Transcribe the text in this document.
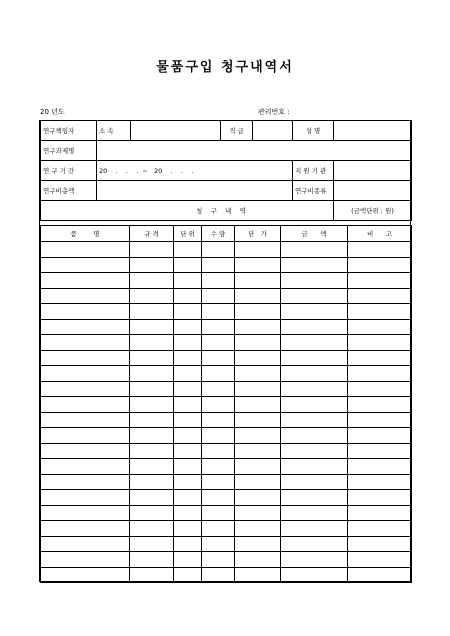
물품구입 청구내역서
20 년도	관리번호 :
연구책임자	소 속		직 급		성 명	
연구과제명						
연 구 기 간	20    .    .    .  ~   20    .    .    .				지 원 기 관	
연구비총액					연구비종류	
청    구    내    역						(금액단위 : 원)
품        명	규 격	단 위	수 량	단   가	금      액	비      고
